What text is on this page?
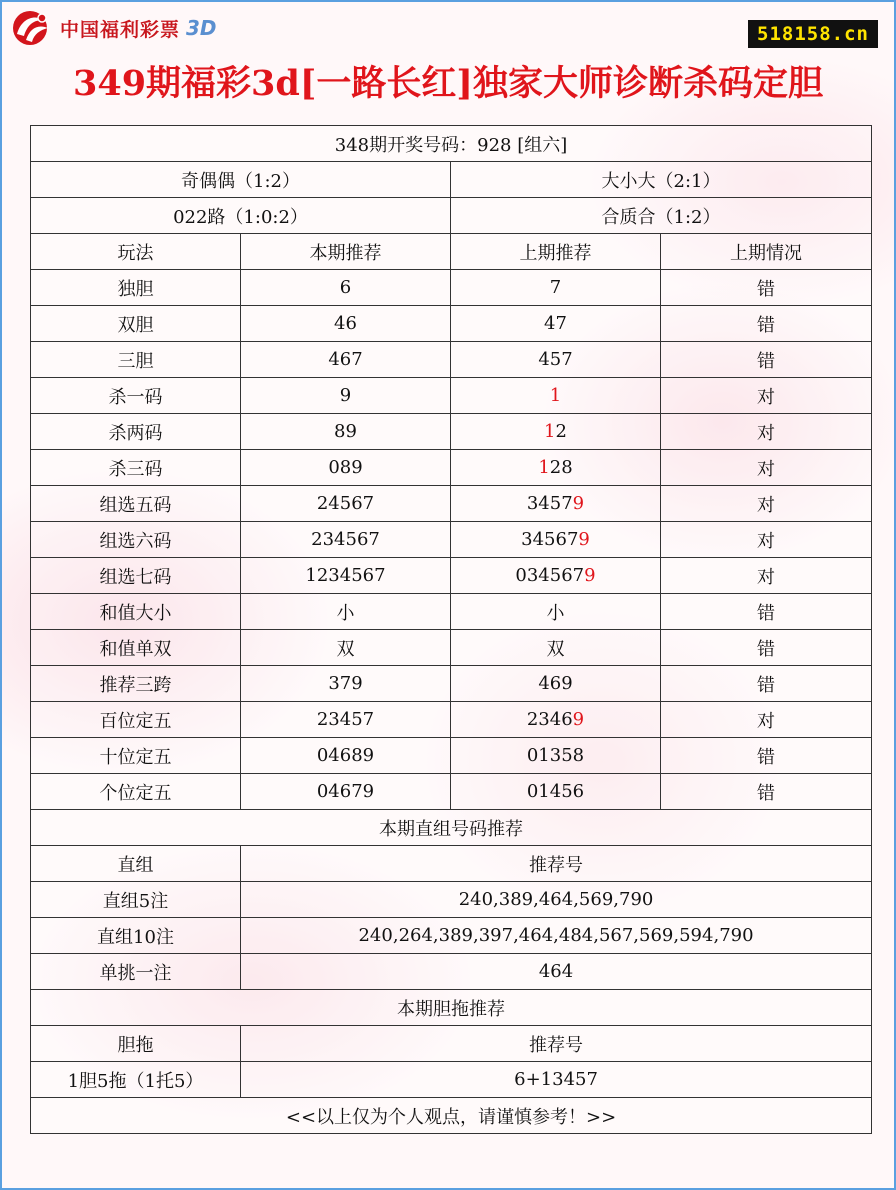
中国福利彩票 3D	518158.cn
349期福彩3d[一路长红]独家大师诊断杀码定胆
348期开奖号码：928 [组六]			
奇偶偶（1:2）		大小大（2:1）	
022路（1:0:2）		合质合（1:2）	
玩法	本期推荐	上期推荐	上期情况
独胆	6	7	错
双胆	46	47	错
三胆	467	457	错
杀一码	9	1	对
杀两码	89	12	对
杀三码	089	128	对
组选五码	24567	34579	对
组选六码	234567	345679	对
组选七码	1234567	0345679	对
和值大小	小	小	错
和值单双	双	双	错
推荐三跨	379	469	错
百位定五	23457	23469	对
十位定五	04689	01358	错
个位定五	04679	01456	错
本期直组号码推荐			
直组	推荐号		
直组5注	240,389,464,569,790		
直组10注	240,264,389,397,464,484,567,569,594,790		
单挑一注	464		
本期胆拖推荐			
胆拖	推荐号		
1胆5拖（1托5）	6+13457		
<<以上仅为个人观点，请谨慎参考！>>			
